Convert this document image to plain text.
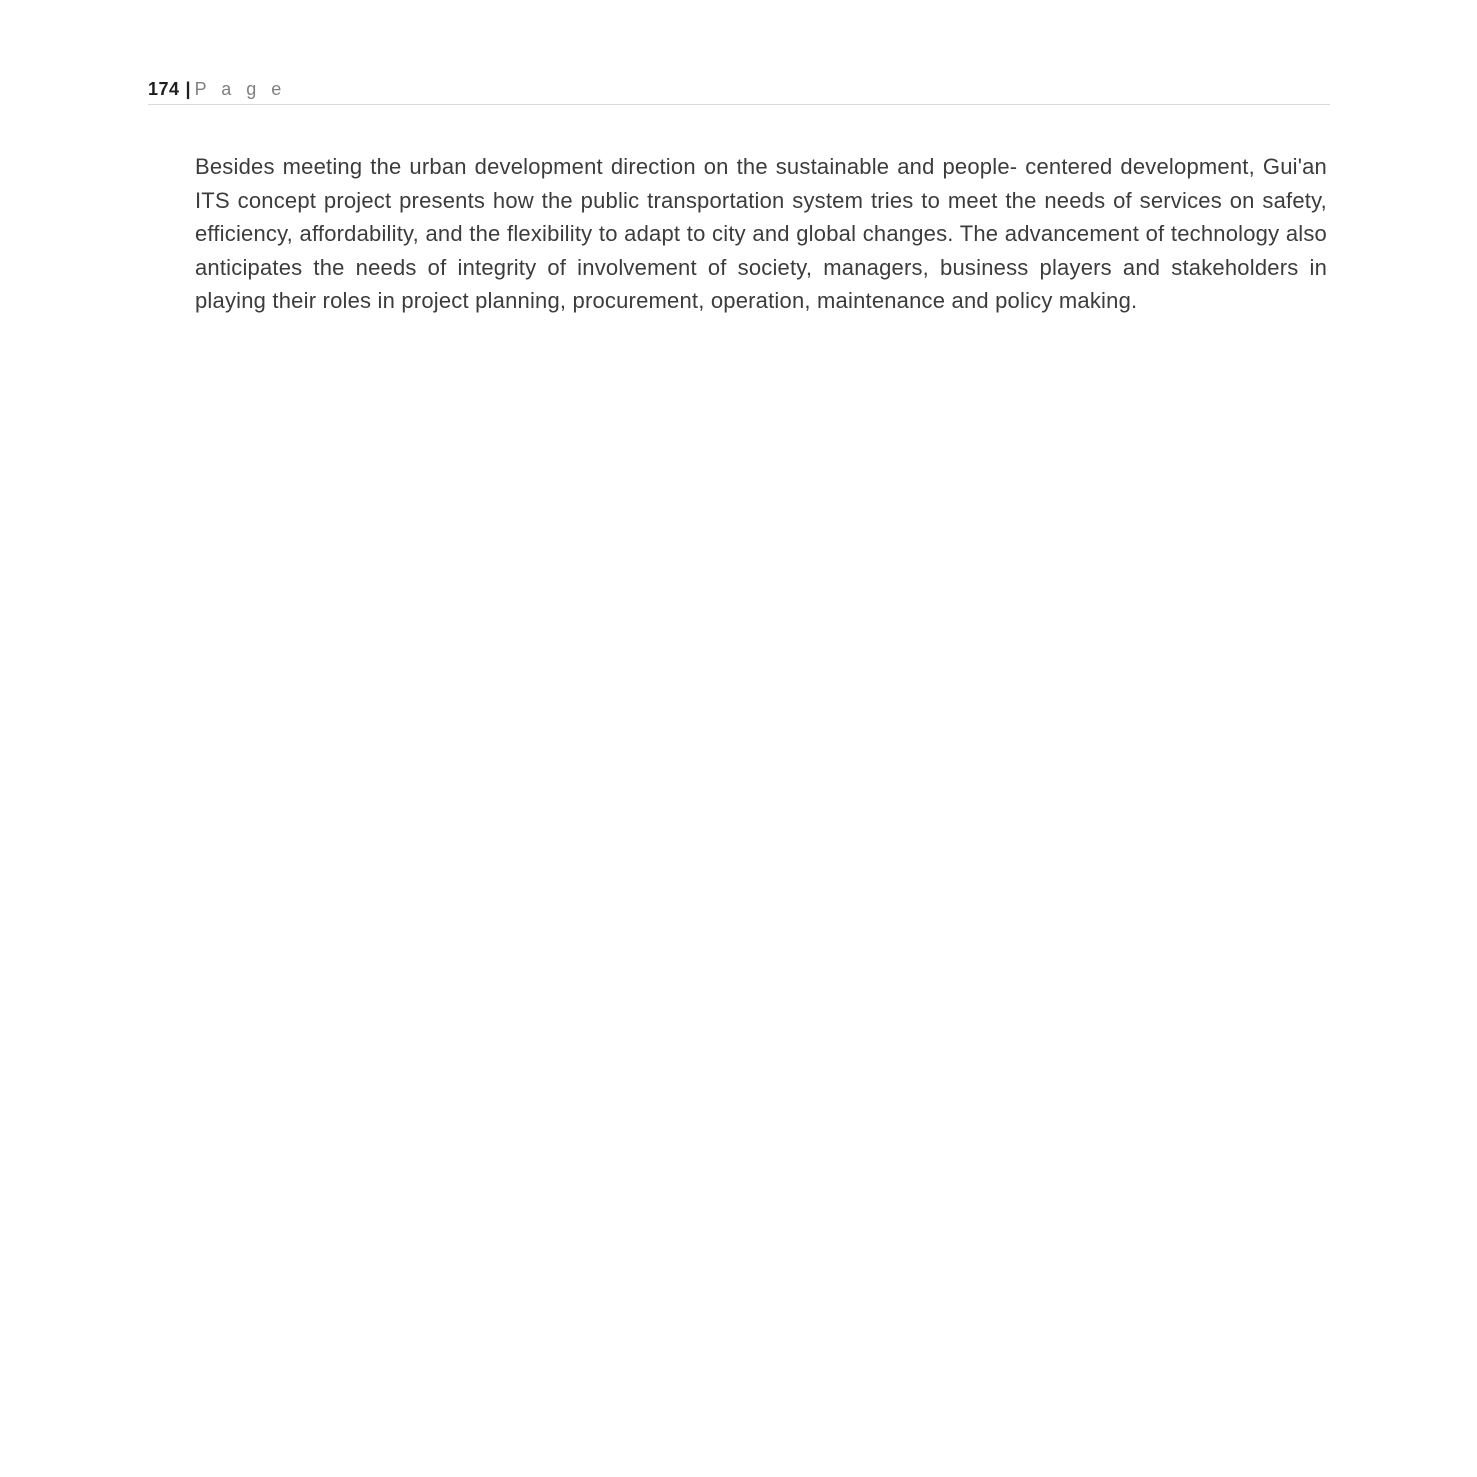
174 | P a g e

Besides meeting the urban development direction on the sustainable and people- centered development, Gui'an ITS concept project presents how the public transportation system tries to meet the needs of services on safety, efficiency, affordability, and the flexibility to adapt to city and global changes. The advancement of technology also anticipates the needs of integrity of involvement of society, managers, business players and stakeholders in playing their roles in project planning, procurement, operation, maintenance and policy making.
